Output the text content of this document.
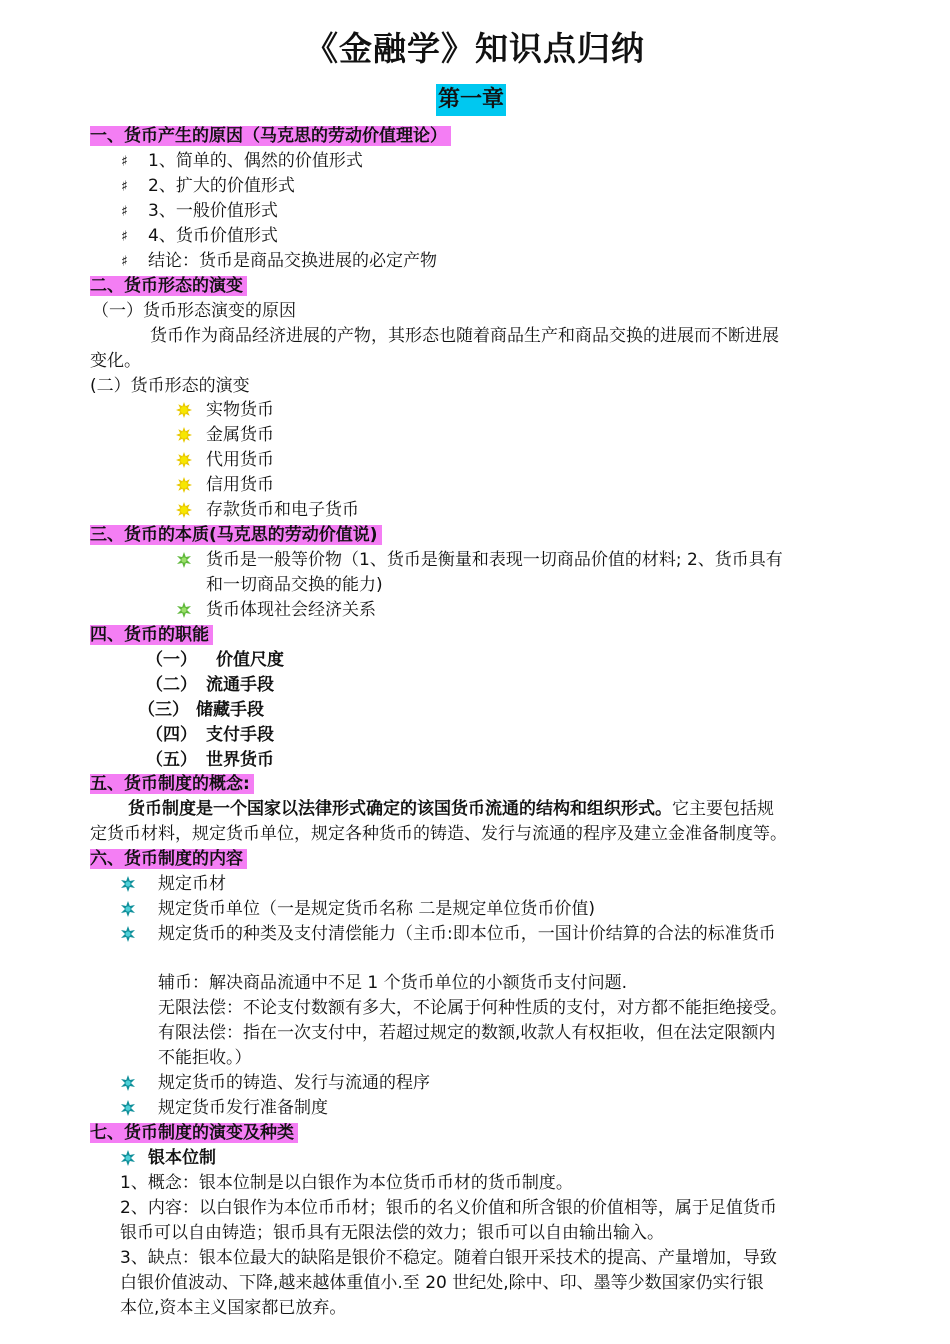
《金融学》知识点归纳
第一章
一、货币产生的原因（马克思的劳动价值理论）
♯ 1、简单的、偶然的价值形式
♯ 2、扩大的价值形式
♯ 3、一般价值形式
♯ 4、货币价值形式
♯ 结论：货币是商品交换进展的必定产物
二、货币形态的演变
（一）货币形态演变的原因
货币作为商品经济进展的产物，其形态也随着商品生产和商品交换的进展而不断进展
变化。
(二）货币形态的演变
实物货币
金属货币
代用货币
信用货币
存款货币和电子货币
三、货币的本质(马克思的劳动价值说)
货币是一般等价物（1、货币是衡量和表现一切商品价值的材料; 2、货币具有
和一切商品交换的能力)
货币体现社会经济关系
四、货币的职能
（一） 价值尺度
（二） 流通手段
（三） 储藏手段
（四） 支付手段
（五） 世界货币
五、货币制度的概念:
货币制度是一个国家以法律形式确定的该国货币流通的结构和组织形式。它主要包括规
定货币材料，规定货币单位，规定各种货币的铸造、发行与流通的程序及建立金准备制度等。
六、货币制度的内容
规定币材
规定货币单位（一是规定货币名称 二是规定单位货币价值)
规定货币的种类及支付清偿能力（主币:即本位币，一国计价结算的合法的标准货币
辅币：解决商品流通中不足 1 个货币单位的小额货币支付问题.
无限法偿：不论支付数额有多大，不论属于何种性质的支付，对方都不能拒绝接受。
有限法偿：指在一次支付中，若超过规定的数额,收款人有权拒收，但在法定限额内
不能拒收。）
规定货币的铸造、发行与流通的程序
规定货币发行准备制度
七、货币制度的演变及种类
银本位制
1、概念：银本位制是以白银作为本位货币币材的货币制度。
2、内容：以白银作为本位币币材；银币的名义价值和所含银的价值相等，属于足值货币
银币可以自由铸造；银币具有无限法偿的效力；银币可以自由输出输入。
3、缺点：银本位最大的缺陷是银价不稳定。随着白银开采技术的提高、产量增加，导致
白银价值波动、下降,越来越体重值小.至 20 世纪处,除中、印、墨等少数国家仍实行银
本位,资本主义国家都已放弃。
